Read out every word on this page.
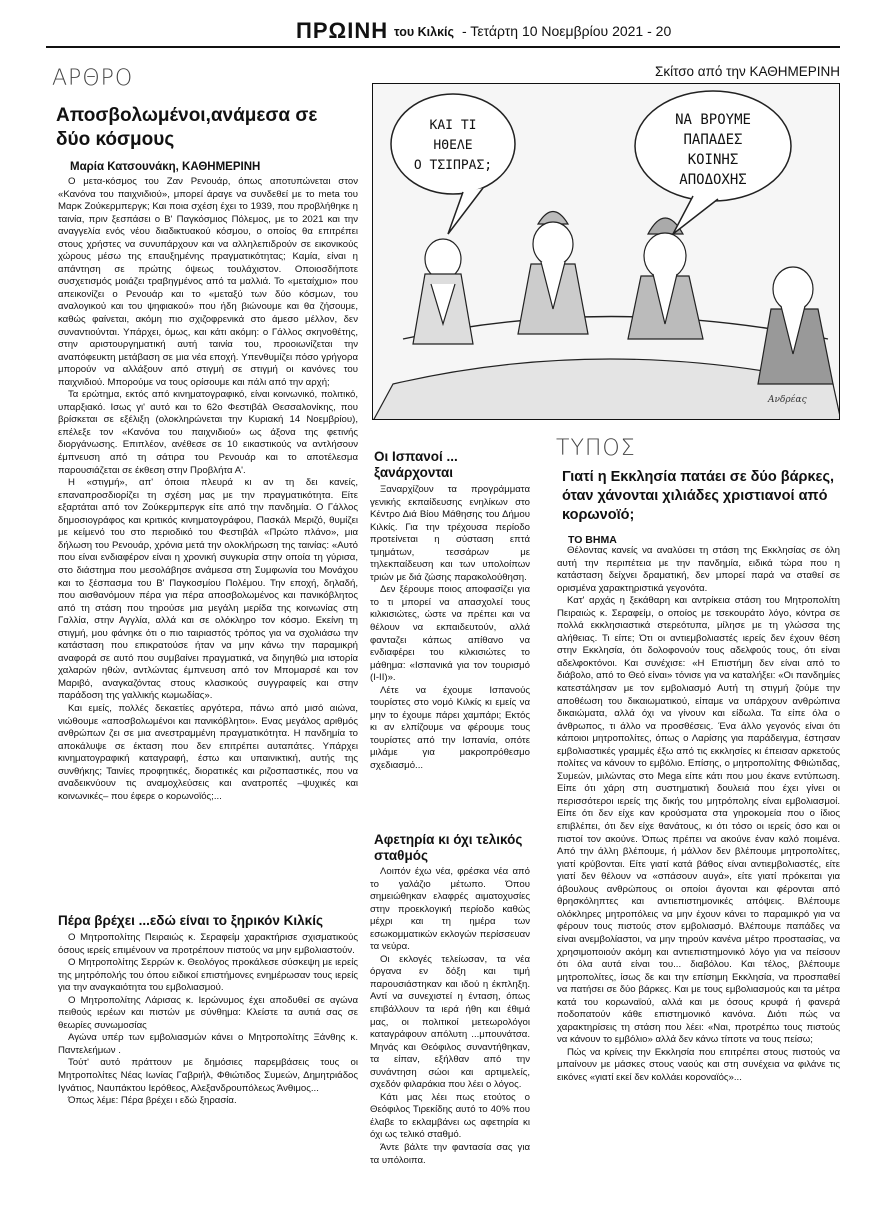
ΠΡΩΙΝΗ του Κιλκίς - Τετάρτη 10 Νοεμβρίου 2021 - 20
ΑΡΘΡΟ	Σκίτσο από την ΚΑΘΗΜΕΡΙΝΗ
Αποσβολωμένοι,ανάμεσα σε δύο κόσμους
Μαρία Κατσουνάκη, ΚΑΘΗΜΕΡΙΝΗ

Ο μετα-κόσμος του Ζαν Ρενουάρ, όπως αποτυπώνεται στον «Κανόνα του παιχνιδιού», μπορεί άραγε να συνδεθεί με το meta του Μαρκ Ζούκερμπεργκ; Και ποια σχέση έχει το 1939, που προβλήθηκε η ταινία, πριν ξεσπάσει ο Β' Παγκόσμιος Πόλεμος, με το 2021 και την αναγγελία ενός νέου διαδικτυακού κόσμου, ο οποίος θα επιτρέπει στους χρήστες να συνυπάρχουν και να αλληλεπιδρούν σε εικονικούς χώρους μέσω της επαυξημένης πραγματικότητας; Καμία, είναι η απάντηση σε πρώτης όψεως τουλάχιστον. Οποιοσδήποτε συσχετισμός μοιάζει τραβηγμένος από τα μαλλιά. Το «μεταίχμιο» που απεικονίζει ο Ρενουάρ και το «μεταξύ των δύο κόσμων, του αναλογικού και του ψηφιακού» που ήδη βιώνουμε και θα ζήσουμε, καθώς φαίνεται, ακόμη πιο σχιζοφρενικά στο άμεσο μέλλον, δεν συναντιούνται. Υπάρχει, όμως, και κάτι ακόμη: ο Γάλλος σκηνοθέτης, στην αριστουργηματική αυτή ταινία του, προοιωνίζεται την αναπόφευκτη μετάβαση σε μια νέα εποχή. Υπενθυμίζει πόσο γρήγορα μπορούν να αλλάξουν από στιγμή σε στιγμή οι κανόνες του παιχνιδιού. Μπορούμε να τους ορίσουμε και πάλι από την αρχή;

Τα ερώτημα, εκτός από κινηματογραφικό, είναι κοινωνικό, πολιτικό, υπαρξιακό. Ισως γι' αυτό και το 62ο Φεστιβάλ Θεσσαλονίκης, που βρίσκεται σε εξέλιξη (ολοκληρώνεται την Κυριακή 14 Νοεμβρίου), επέλεξε τον «Κανόνα του παιχνιδιού» ως άξονα της φετινής διοργάνωσης. Επιπλέον, ανέθεσε σε 10 εικαστικούς να αντλήσουν έμπνευση από τη σάτιρα του Ρενουάρ και το αποτέλεσμα παρουσιάζεται σε έκθεση στην Προβλήτα Α'.

Η «στιγμή», απ' όποια πλευρά κι αν τη δει κανείς, επαναπροσδιορίζει τη σχέση μας με την πραγματικότητα. Είτε εξαρτάται από τον Ζούκερμπεργκ είτε από την πανδημία. Ο Γάλλος δημοσιογράφος και κριτικός κινηματογράφου, Πασκάλ Μεριζό, θυμίζει με κείμενό του στο περιοδικό του Φεστιβάλ «Πρώτο πλάνο», μια δήλωση του Ρενουάρ, χρόνια μετά την ολοκλήρωση της ταινίας: «Αυτό που είναι ενδιαφέρον είναι η χρονική συγκυρία στην οποία τη γύρισα, στο διάστημα που μεσολάβησε ανάμεσα στη Συμφωνία του Μονάχου και το ξέσπασμα του Β' Παγκοσμίου Πολέμου. Την εποχή, δηλαδή, που αισθανόμουν πέρα για πέρα αποσβολωμένος και πανικόβλητος από τη στάση που τηρούσε μια μεγάλη μερίδα της κοινωνίας στη Γαλλία, στην Αγγλία, αλλά και σε ολόκληρο τον κόσμο. Εκείνη τη στιγμή, μου φάνηκε ότι ο πιο ταιριαστός τρόπος για να σχολιάσω την κατάσταση που επικρατούσε ήταν να μην κάνω την παραμικρή αναφορά σε αυτό που συμβαίνει πραγματικά, να διηγηθώ μια ιστορία χαλαρών ηθών, αντλώντας έμπνευση από τον Μπομαρσέ και τον Μαριβό, αναγκαζόντας στους κλασικούς συγγραφείς και στην παράδοση της γαλλικής κωμωδίας».

Και εμείς, πολλές δεκαετίες αργότερα, πάνω από μισό αιώνα, νιώθουμε «αποσβολωμένοι και πανικόβλητοι». Ενας μεγάλος αριθμός ανθρώπων ζει σε μια ανεστραμμένη πραγματικότητα. Η πανδημία το αποκάλυψε σε έκταση που δεν επιτρέπει αυταπάτες. Υπάρχει κινηματογραφική καταγραφή, έστω και υπαινικτική, αυτής της συνθήκης; Ταινίες προφητικές, διορατικές και ριζοσπαστικές, που να αναδεικνύουν τις αναμοχλεύσεις και ανατροπές –ψυχικές και κοινωνικές– που έφερε ο κορωνοϊός;...

Πέρα βρέχει ...εδώ είναι το ξηρικόν Κιλκίς

Ο Μητροπολίτης Πειραιώς κ. Σεραφείμ χαρακτήρισε σχισματικούς όσους ιερείς επιμένουν να προτρέπουν πιστούς να μην εμβολιαστούν.

Ο Μητροπολίτης Σερρών κ. Θεολόγος προκάλεσε σύσκεψη με ιερείς της μητρόπολής του όπου ειδικοί επιστήμονες ενημέρωσαν τους ιερείς για την αναγκαιότητα του εμβολιασμού.

Ο Μητροπολίτης Λάρισας κ. Ιερώνυμος έχει αποδυθεί σε αγώνα πειθούς ιερέων και πιστών με σύνθημα: Κλείστε τα αυτιά σας σε θεωρίες συνωμοσίας

Αγώνα υπέρ των εμβολιασμών κάνει ο Μητροπολίτης Ξάνθης κ. Παντελεήμων .

Τούτ' αυτό πράττουν με δημόσιες παρεμβάσεις τους οι Μητροπολίτες Νέας Ιωνίας Γαβριήλ, Φθιώτιδος Συμεών, Δημητριάδος Ιγνάτιος, Ναυπάκτου Ιερόθεος, Αλεξανδρουπόλεως Άνθιμος...

Όπως λέμε: Πέρα βρέχει ι εδώ ξηρασία.

ΚΑΙ ΤΙ
ΗΘΕΛΕ
Ο ΤΣΙΠΡΑΣ;
ΝΑ ΒΡΟΥΜΕ
ΠΑΠΑΔΕΣ
ΚΟΙΝΗΣ
ΑΠΟΔΟΧΗΣ
Ανδρέας
Οι Ισπανοί ... ξανάρχονται

Ξαναρχίζουν τα προγράμματα γενικής εκπαίδευσης ενηλίκων στο Κέντρο Διά Βίου Μάθησης του Δήμου Κιλκίς. Για την τρέχουσα περίοδο προτείνεται η σύσταση επτά τμημάτων, τεσσάρων με τηλεκπαίδευση και των υπολοίπων τριών με διά ζώσης παρακολούθηση.

Δεν ξέρουμε ποιος αποφασίζει για το τι μπορεί να απασχολεί τους κιλκισιώτες, ώστε να πρέπει και να θέλουν να εκπαιδευτούν, αλλά φανταζει κάπως απίθανο να ενδιαφέρει του κιλκισιώτες το μάθημα: «Ισπανικά για τον τουρισμό (Ι-ΙΙ)».

Λέτε να έχουμε Ισπανούς τουρίστες στο νομό Κιλκίς κι εμείς να μην το έχουμε πάρει χαμπάρι; Εκτός κι αν ελπίζουμε να φέρουμε τους τουρίστες από την Ισπανία, οπότε μιλάμε για μακροπρόθεσμο σχεδιασμό...

Αφετηρία κι όχι τελικός σταθμός

Λοιπόν έχω νέα, φρέσκα νέα από το γαλάζιο μέτωπο. Όπου σημειώθηκαν ελαφρές αιματοχυσίες στην προεκλογική περίοδο καθώς μέχρι και τη ημέρα των εσωκομματικών εκλογών περίσσευαν τα νεύρα.

Οι εκλογές τελείωσαν, τα νέα όργανα εν δόξη και τιμή παρουσιάστηκαν και ιδού η έκπληξη. Αντί να συνεχιστεί η ένταση, όπως επιβάλλουν τα ιερά ήθη και έθιμά μας, οι πολιτικοί μετεωρολόγοι καταγράφουν απόλυτη ...μπουνάτσα. Μηνάς και Θεόφιλος συναντήθηκαν, τα είπαν, εξήλθαν από την συνάντηση σώοι και αρτιμελείς, σχεδόν φιλαράκια που λέει ο λόγος.

Κάτι μας λέει πως ετούτος ο Θεόφιλος Τιρεκίδης αυτό το 40% που έλαβε το εκλαμβάνει ως αφετηρία κι όχι ως τελικό σταθμό.

Άντε βάλτε την φαντασία σας για τα υπόλοιπα.

ΤΥΠΟΣ
Γιατί η Εκκλησία πατάει σε δύο βάρκες, όταν χάνονται χιλιάδες χριστιανοί από κορωνοϊό;
ΤΟ ΒΗΜΑ

Θέλοντας κανείς να αναλύσει τη στάση της Εκκλησίας σε όλη αυτή την περιπέτεια με την πανδημία, ειδικά τώρα που η κατάσταση δείχνει δραματική, δεν μπορεί παρά να σταθεί σε ορισμένα χαρακτηριστικά γεγονότα.

Κατ' αρχάς η ξεκάθαρη και αντρίκεια στάση του Μητροπολίτη Πειραιώς κ. Σεραφείμ, ο οποίος με τσεκουράτο λόγο, κόντρα σε πολλά εκκλησιαστικά στερεότυπα, μίλησε με τη γλώσσα της αλήθειας. Τι είπε; Ότι οι αντιεμβολιαστές ιερείς δεν έχουν θέση στην Εκκλησία, ότι δολοφονούν τους αδελφούς τους, ότι είναι αδελφοκτόνοι. Και συνέχισε: «Η Επιστήμη δεν είναι από το διάβολο, από το Θεό είναι» τόνισε για να καταλήξει: «Οι πανδημίες κατεστάλησαν με τον εμβολιασμό Αυτή τη στιγμή ζούμε την αποθέωση του δικαιωματικού, είπαμε να υπάρχουν ανθρώπινα δικαιώματα, αλλά όχι να γίνουν και είδωλα. Τα είπε όλα ο άνθρωπος, τι άλλο να προσθέσεις. Ένα άλλο γεγονός είναι ότι κάποιοι μητροπολίτες, όπως ο Λαρίσης για παράδειγμα, έστησαν εμβολιαστικές γραμμές έξω από τις εκκλησίες κι έπεισαν αρκετούς πολίτες να κάνουν το εμβόλιο. Επίσης, ο μητροπολίτης Φθιώτιδας, Συμεών, μιλώντας στο Mega είπε κάτι που μου έκανε εντύπωση. Είπε ότι χάρη στη συστηματική δουλειά που έχει γίνει οι περισσότεροι ιερείς της δικής του μητρόπολης είναι εμβολιασμοί. Είπε ότι δεν είχε καν κρούσματα στα γηροκομεία που ο ίδιος επιβλέπει, ότι δεν είχε θανάτους, κι ότι τόσο οι ιερείς όσο και οι πιστοί τον ακούνε. Όπως πρέπει να ακούνε έναν καλό ποιμένα. Από την άλλη βλέπουμε, ή μάλλον δεν βλέπουμε μητροπολίτες, γιατί κρύβονται. Είτε γιατί κατά βάθος είναι αντιεμβολιαστές, είτε γιατί δεν θέλουν να «σπάσουν αυγά», είτε γιατί πρόκειται για άβουλους ανθρώπους οι οποίοι άγονται και φέρονται από θρησκόληπτες και αντιεπιστημονικές απόψεις. Βλέπουμε ολόκληρες μητροπόλεις να μην έχουν κάνει το παραμικρό για να φέρουν τους πιστούς στον εμβολιασμό. Βλέπουμε παπάδες να είναι ανεμβολίαστοι, να μην τηρούν κανένα μέτρο προστασίας, να χρησιμοποιούν ακόμη και αντιεπιστημονικό λόγο για να πείσουν ότι όλα αυτά είναι του... διαβόλου. Και τέλος, βλέπουμε μητροπολίτες, ίσως δε και την επίσημη Εκκλησία, να προσπαθεί να πατήσει σε δύο βάρκες. Και με τους εμβολιασμούς και τα μέτρα κατά του κορωναϊού, αλλά και με όσους κρυφά ή φανερά ποδοπατούν κάθε επιστημονικό κανόνα. Διότι πώς να χαρακτηρίσεις τη στάση που λέει: «Ναι, προτρέπω τους πιστούς να κάνουν το εμβόλιο» αλλά δεν κάνω τίποτε να τους πείσω;

Πώς να κρίνεις την Εκκλησία που επιτρέπει στους πιστούς να μπαίνουν με μάσκες στους ναούς και στη συνέχεια να φιλάνε τις εικόνες «γιατί εκεί δεν κολλάει κοροναϊός»...
